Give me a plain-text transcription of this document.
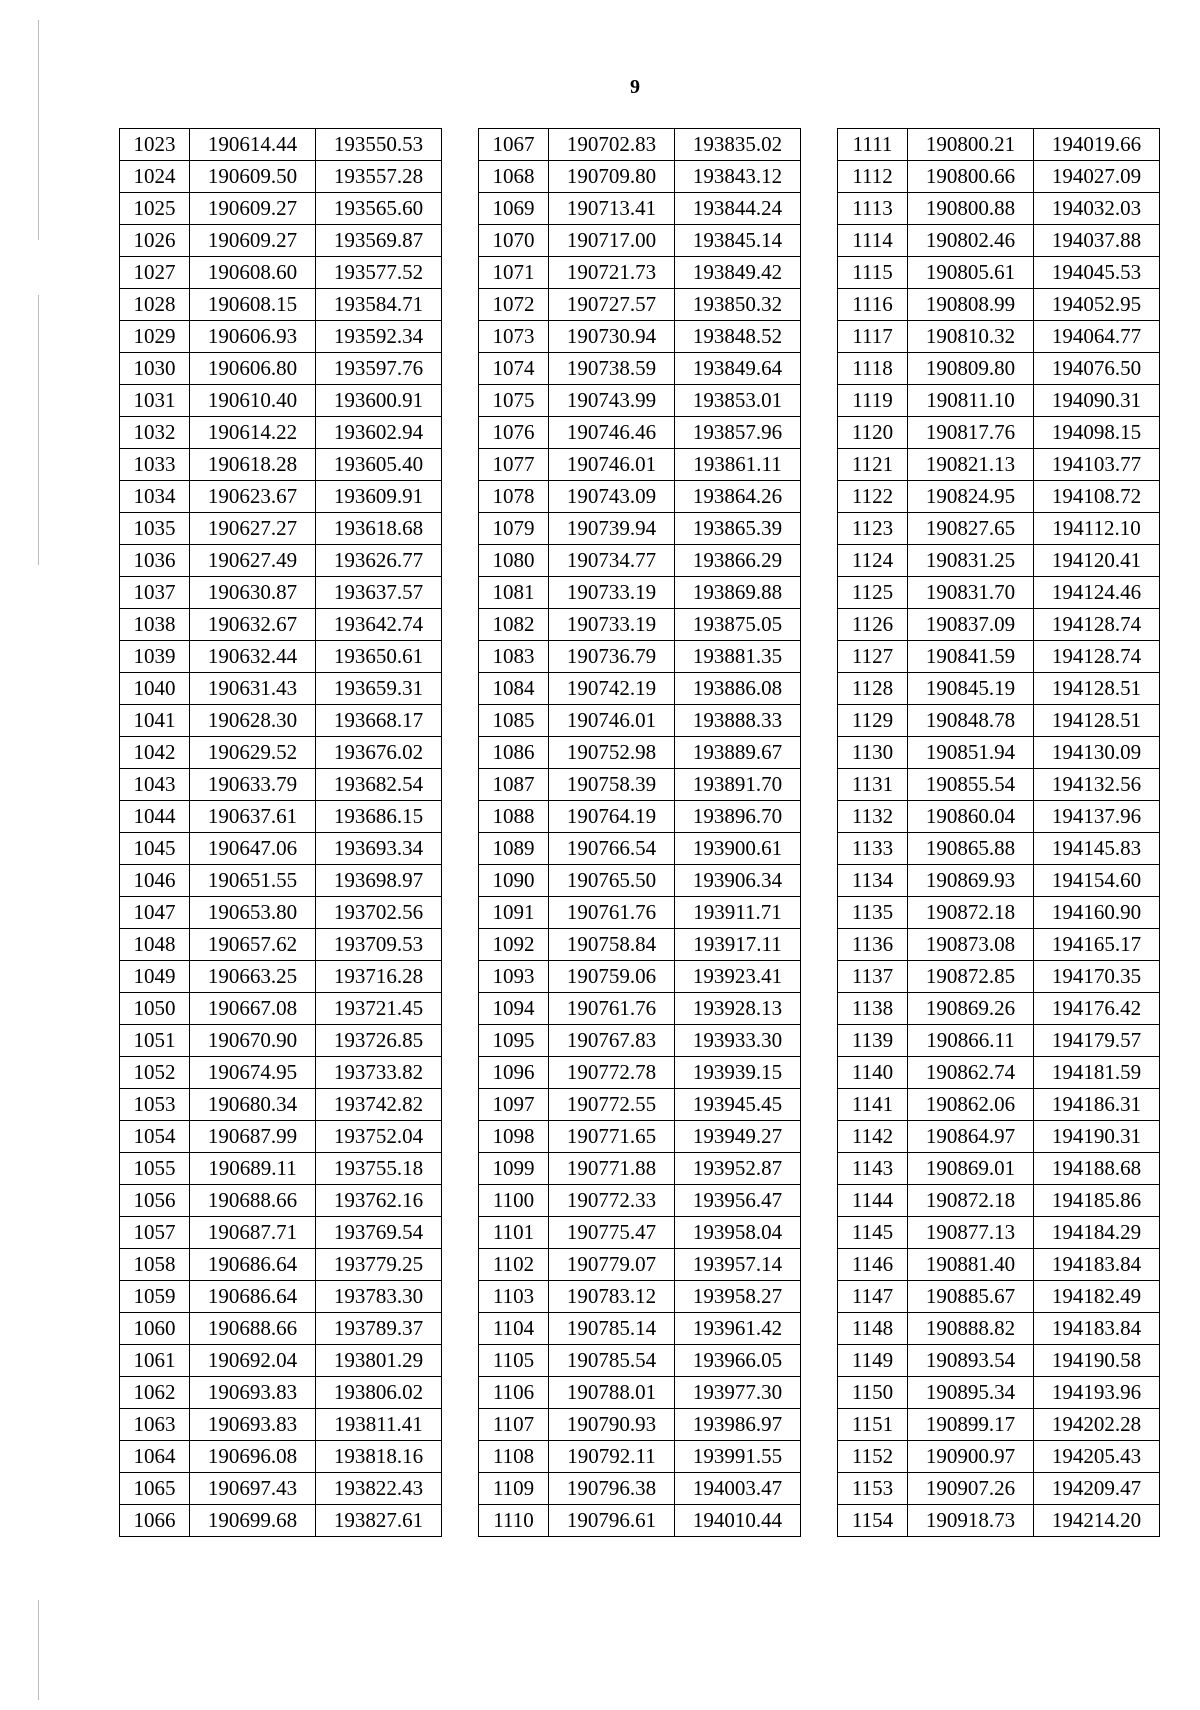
9
1023	190614.44	193550.53
1024	190609.50	193557.28
1025	190609.27	193565.60
1026	190609.27	193569.87
1027	190608.60	193577.52
1028	190608.15	193584.71
1029	190606.93	193592.34
1030	190606.80	193597.76
1031	190610.40	193600.91
1032	190614.22	193602.94
1033	190618.28	193605.40
1034	190623.67	193609.91
1035	190627.27	193618.68
1036	190627.49	193626.77
1037	190630.87	193637.57
1038	190632.67	193642.74
1039	190632.44	193650.61
1040	190631.43	193659.31
1041	190628.30	193668.17
1042	190629.52	193676.02
1043	190633.79	193682.54
1044	190637.61	193686.15
1045	190647.06	193693.34
1046	190651.55	193698.97
1047	190653.80	193702.56
1048	190657.62	193709.53
1049	190663.25	193716.28
1050	190667.08	193721.45
1051	190670.90	193726.85
1052	190674.95	193733.82
1053	190680.34	193742.82
1054	190687.99	193752.04
1055	190689.11	193755.18
1056	190688.66	193762.16
1057	190687.71	193769.54
1058	190686.64	193779.25
1059	190686.64	193783.30
1060	190688.66	193789.37
1061	190692.04	193801.29
1062	190693.83	193806.02
1063	190693.83	193811.41
1064	190696.08	193818.16
1065	190697.43	193822.43
1066	190699.68	193827.61
1067	190702.83	193835.02
1068	190709.80	193843.12
1069	190713.41	193844.24
1070	190717.00	193845.14
1071	190721.73	193849.42
1072	190727.57	193850.32
1073	190730.94	193848.52
1074	190738.59	193849.64
1075	190743.99	193853.01
1076	190746.46	193857.96
1077	190746.01	193861.11
1078	190743.09	193864.26
1079	190739.94	193865.39
1080	190734.77	193866.29
1081	190733.19	193869.88
1082	190733.19	193875.05
1083	190736.79	193881.35
1084	190742.19	193886.08
1085	190746.01	193888.33
1086	190752.98	193889.67
1087	190758.39	193891.70
1088	190764.19	193896.70
1089	190766.54	193900.61
1090	190765.50	193906.34
1091	190761.76	193911.71
1092	190758.84	193917.11
1093	190759.06	193923.41
1094	190761.76	193928.13
1095	190767.83	193933.30
1096	190772.78	193939.15
1097	190772.55	193945.45
1098	190771.65	193949.27
1099	190771.88	193952.87
1100	190772.33	193956.47
1101	190775.47	193958.04
1102	190779.07	193957.14
1103	190783.12	193958.27
1104	190785.14	193961.42
1105	190785.54	193966.05
1106	190788.01	193977.30
1107	190790.93	193986.97
1108	190792.11	193991.55
1109	190796.38	194003.47
1110	190796.61	194010.44
1111	190800.21	194019.66
1112	190800.66	194027.09
1113	190800.88	194032.03
1114	190802.46	194037.88
1115	190805.61	194045.53
1116	190808.99	194052.95
1117	190810.32	194064.77
1118	190809.80	194076.50
1119	190811.10	194090.31
1120	190817.76	194098.15
1121	190821.13	194103.77
1122	190824.95	194108.72
1123	190827.65	194112.10
1124	190831.25	194120.41
1125	190831.70	194124.46
1126	190837.09	194128.74
1127	190841.59	194128.74
1128	190845.19	194128.51
1129	190848.78	194128.51
1130	190851.94	194130.09
1131	190855.54	194132.56
1132	190860.04	194137.96
1133	190865.88	194145.83
1134	190869.93	194154.60
1135	190872.18	194160.90
1136	190873.08	194165.17
1137	190872.85	194170.35
1138	190869.26	194176.42
1139	190866.11	194179.57
1140	190862.74	194181.59
1141	190862.06	194186.31
1142	190864.97	194190.31
1143	190869.01	194188.68
1144	190872.18	194185.86
1145	190877.13	194184.29
1146	190881.40	194183.84
1147	190885.67	194182.49
1148	190888.82	194183.84
1149	190893.54	194190.58
1150	190895.34	194193.96
1151	190899.17	194202.28
1152	190900.97	194205.43
1153	190907.26	194209.47
1154	190918.73	194214.20
